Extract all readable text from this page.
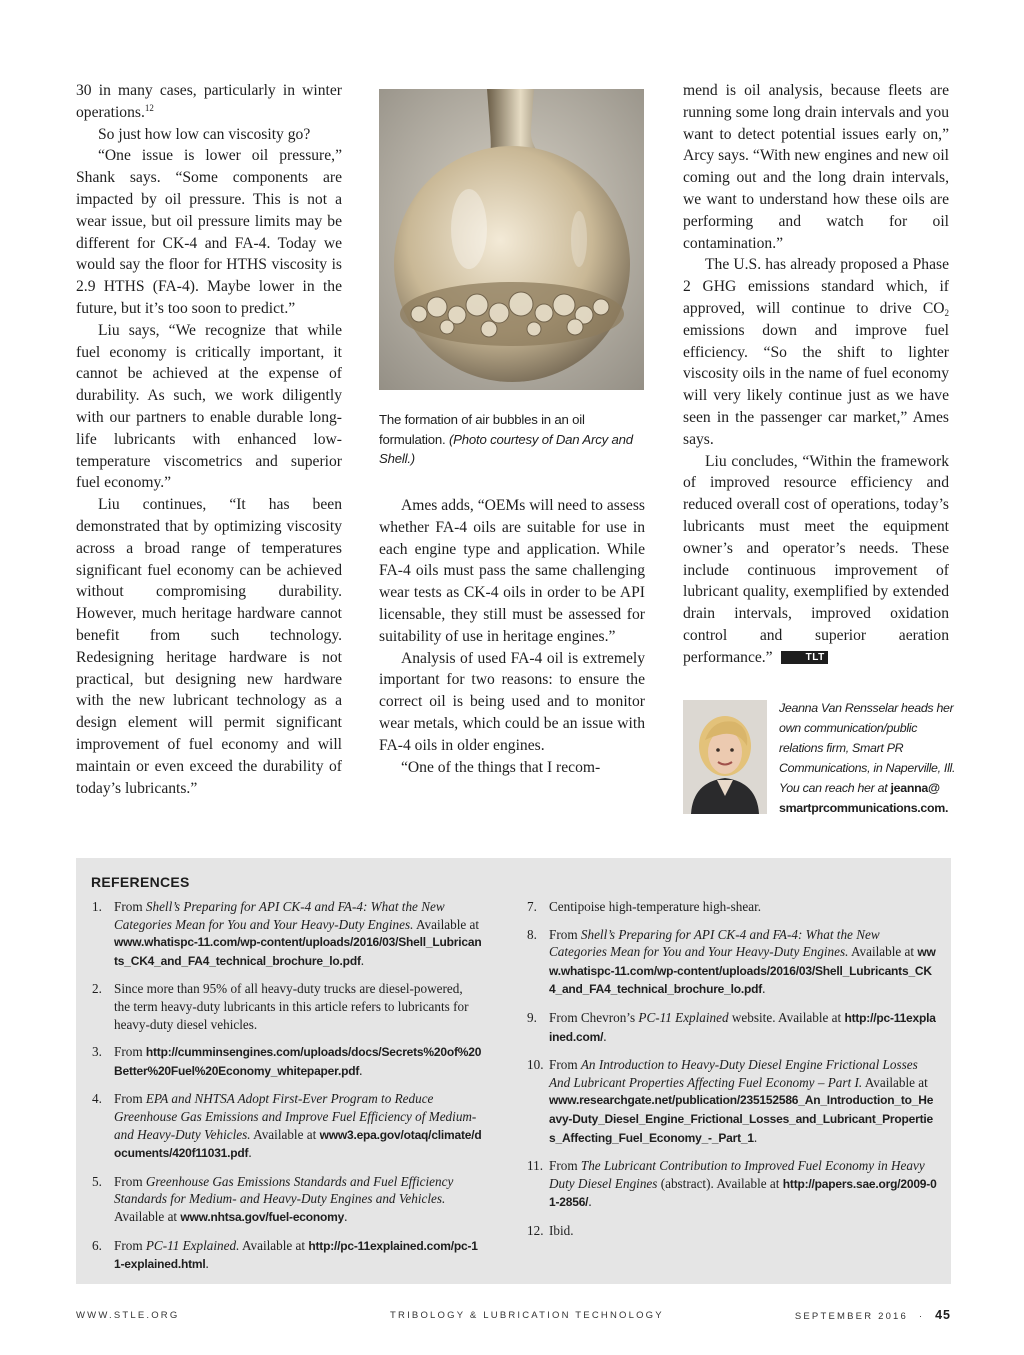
30 in many cases, particularly in winter operations.$^{12}$

So just how low can viscosity go?

“One issue is lower oil pressure,” Shank says. “Some components are impacted by oil pressure. This is not a wear issue, but oil pressure limits may be different for CK-4 and FA-4. Today we would say the floor for HTHS viscosity is 2.9 HTHS (FA-4). Maybe lower in the future, but it’s too soon to predict.”

Liu says, “We recognize that while fuel economy is critically important, it cannot be achieved at the expense of durability. As such, we work diligently with our partners to enable durable long-life lubricants with enhanced low-temperature viscometrics and superior fuel economy.”

Liu continues, “It has been demonstrated that by optimizing viscosity across a broad range of temperatures significant fuel economy can be achieved without compromising durability. However, much heritage hardware cannot benefit from such technology. Redesigning heritage hardware is not practical, but designing new hardware with the new lubricant technology as a design element will permit significant improvement of fuel economy and will maintain or even exceed the durability of today’s lubricants.”

The formation of air bubbles in an oil formulation. (Photo courtesy of Dan Arcy and Shell.)

Ames adds, “OEMs will need to assess whether FA-4 oils are suitable for use in each engine type and application. While FA-4 oils must pass the same challenging wear tests as CK-4 oils in order to be API licensable, they still must be assessed for suitability of use in heritage engines.”

Analysis of used FA-4 oil is extremely important for two reasons: to ensure the correct oil is being used and to monitor wear metals, which could be an issue with FA-4 oils in older engines.

“One of the things that I recom-

mend is oil analysis, because fleets are running some long drain intervals and you want to detect potential issues early on,” Arcy says. “With new engines and new oil coming out and the long drain intervals, we want to understand how these oils are performing and watch for oil contamination.”

The U.S. has already proposed a Phase 2 GHG emissions standard which, if approved, will continue to drive $CO_2$ emissions down and improve fuel efficiency. “So the shift to lighter viscosity oils in the name of fuel economy will very likely continue just as we have seen in the passenger car market,” Ames says.

Liu concludes, “Within the framework of improved resource efficiency and reduced overall cost of operations, today’s lubricants must meet the equipment owner’s and operator’s needs. These include continuous improvement of lubricant quality, exemplified by extended drain intervals, improved oxidation control and superior aeration performance.”	TLT

Jeanna Van Rensselar heads her own communication/public relations firm, Smart PR Communications, in Naperville, Ill. You can reach her at jeanna@
smartprcommunications.com.
REFERENCES
1. From Shell’s Preparing for API CK-4 and FA-4: What the New Categories Mean for You and Your Heavy-Duty Engines. Available at www.whatispc-11.com/wp-content/uploads/2016/03/Shell_Lubricants_CK4_and_FA4_technical_brochure_lo.pdf.
2. Since more than 95% of all heavy-duty trucks are diesel-powered, the term heavy-duty lubricants in this article refers to lubricants for heavy-duty diesel vehicles.
3. From http://cumminsengines.com/uploads/docs/Secrets%20of%20Better%20Fuel%20Economy_whitepaper.pdf.
4. From EPA and NHTSA Adopt First-Ever Program to Reduce Greenhouse Gas Emissions and Improve Fuel Efficiency of Medium- and Heavy-Duty Vehicles. Available at www3.epa.gov/otaq/climate/documents/420f11031.pdf.
5. From Greenhouse Gas Emissions Standards and Fuel Efficiency Standards for Medium- and Heavy-Duty Engines and Vehicles. Available at www.nhtsa.gov/fuel-economy.
6. From PC-11 Explained. Available at http://pc-11explained.com/pc-11-explained.html.
7. Centipoise high-temperature high-shear.
8. From Shell’s Preparing for API CK-4 and FA-4: What the New Categories Mean for You and Your Heavy-Duty Engines. Available at www.whatispc-11.com/wp-content/uploads/2016/03/Shell_Lubricants_CK4_and_FA4_technical_brochure_lo.pdf.
9. From Chevron’s PC-11 Explained website. Available at http://pc-11explained.com/.
10. From An Introduction to Heavy-Duty Diesel Engine Frictional Losses And Lubricant Properties Affecting Fuel Economy – Part I. Available at www.researchgate.net/publication/235152586_An_Introduction_to_Heavy-Duty_Diesel_Engine_Frictional_Losses_and_Lubricant_Properties_Affecting_Fuel_Economy_-_Part_1.
11. From The Lubricant Contribution to Improved Fuel Economy in Heavy Duty Diesel Engines (abstract). Available at http://papers.sae.org/2009-01-2856/.
12. Ibid.
WWW.STLE.ORG	TRIBOLOGY & LUBRICATION TECHNOLOGY	SEPTEMBER 2016 · 45
